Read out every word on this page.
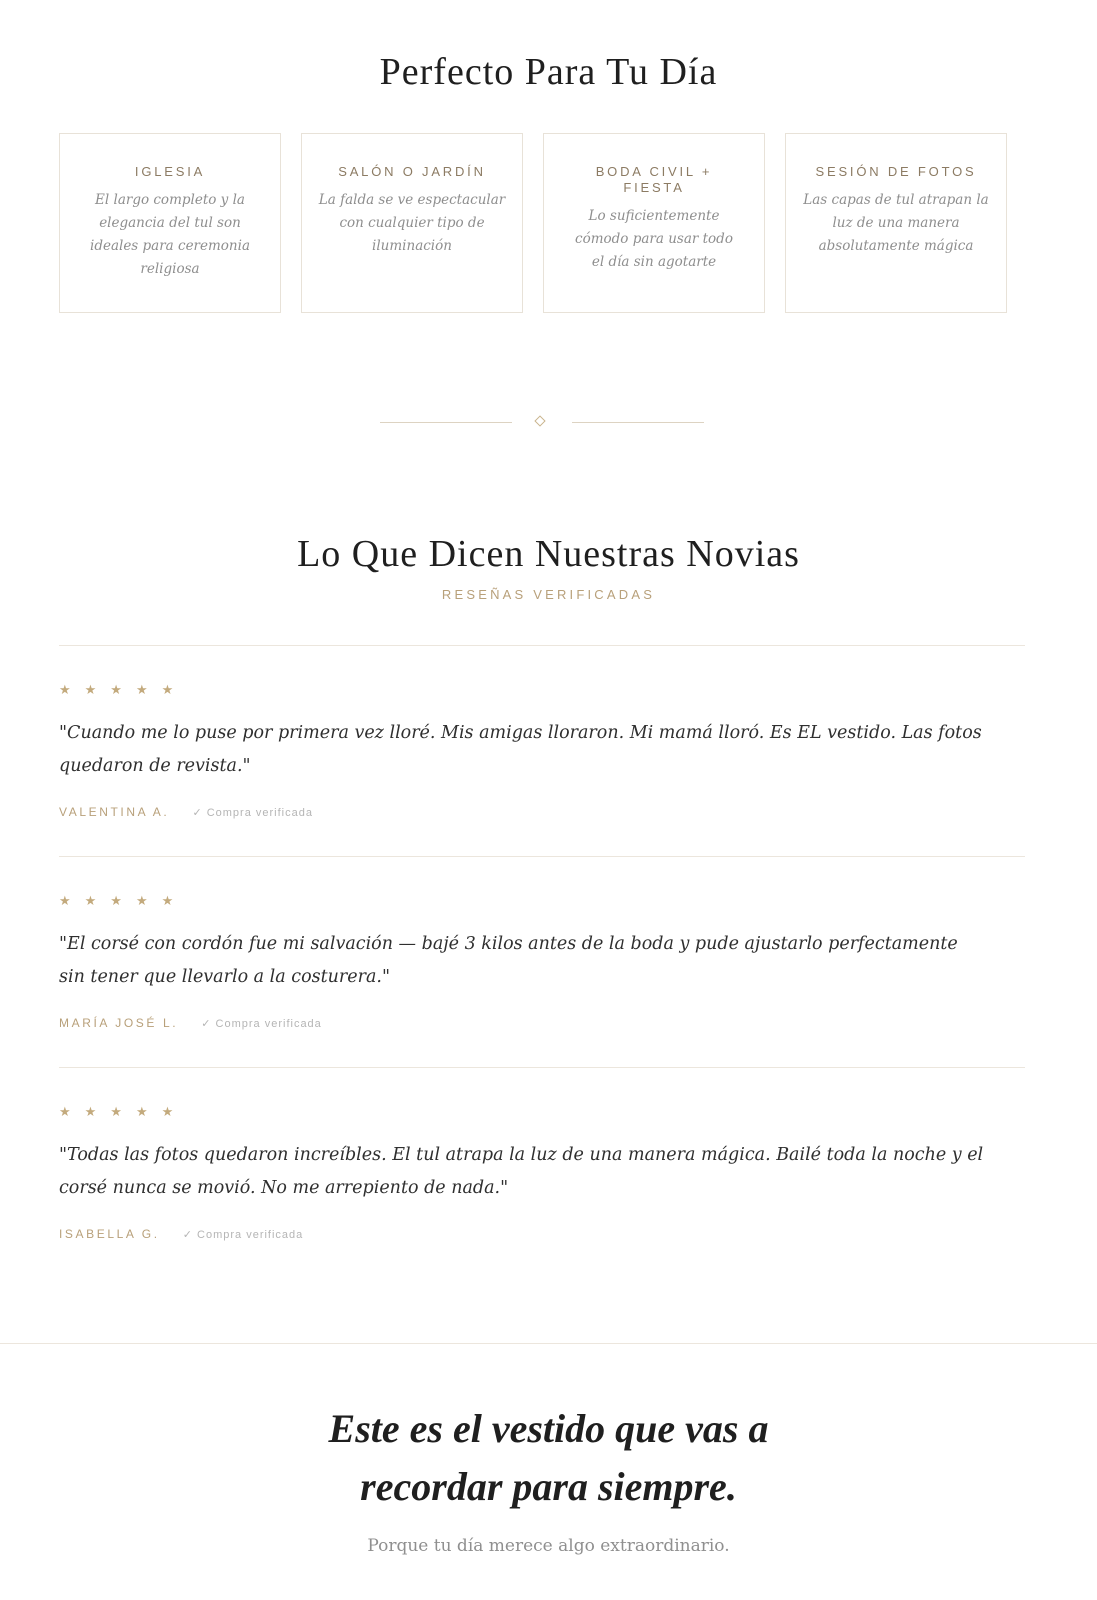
Perfecto Para Tu Día
IGLESIA

El largo completo y la elegancia del tul son ideales para ceremonia religiosa

SALÓN O JARDÍN

La falda se ve espectacular con cualquier tipo de iluminación

BODA CIVIL + FIESTA

Lo suficientemente cómodo para usar todo el día sin agotarte

SESIÓN DE FOTOS

Las capas de tul atrapan la luz de una manera absolutamente mágica

Lo Que Dicen Nuestras Novias
RESEÑAS VERIFICADAS
★★★★★

"Cuando me lo puse por primera vez lloré. Mis amigas lloraron. Mi mamá lloró. Es EL vestido. Las fotos quedaron de revista."

VALENTINA A. ✓ Compra verificada
★★★★★

"El corsé con cordón fue mi salvación — bajé 3 kilos antes de la boda y pude ajustarlo perfectamente sin tener que llevarlo a la costurera."

MARÍA JOSÉ L. ✓ Compra verificada
★★★★★

"Todas las fotos quedaron increíbles. El tul atrapa la luz de una manera mágica. Bailé toda la noche y el corsé nunca se movió. No me arrepiento de nada."

ISABELLA G. ✓ Compra verificada
Este es el vestido que vas a
recordar para siempre.
Porque tu día merece algo extraordinario.
